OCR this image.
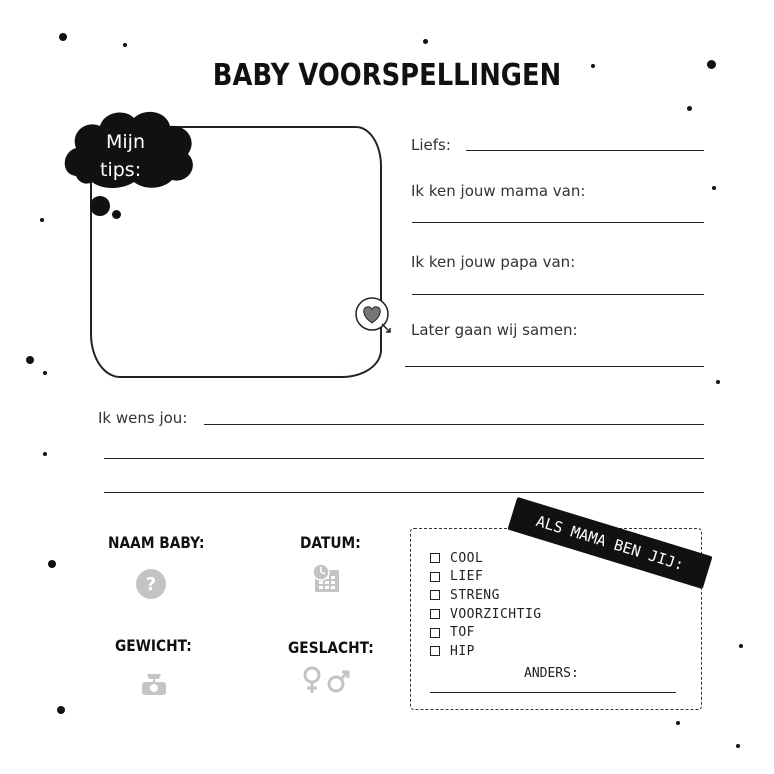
BABY VOORSPELLINGEN
Mijn
tips:
Liefs:
Ik ken jouw mama van:
Ik ken jouw papa van:
Later gaan wij samen:
Ik wens jou:
NAAM BABY:
?
DATUM:
GEWICHT:	GESLACHT:
ALS MAMA BEN JIJ:
COOL
LIEF
STRENG
VOORZICHTIG
TOF
HIP
ANDERS:
